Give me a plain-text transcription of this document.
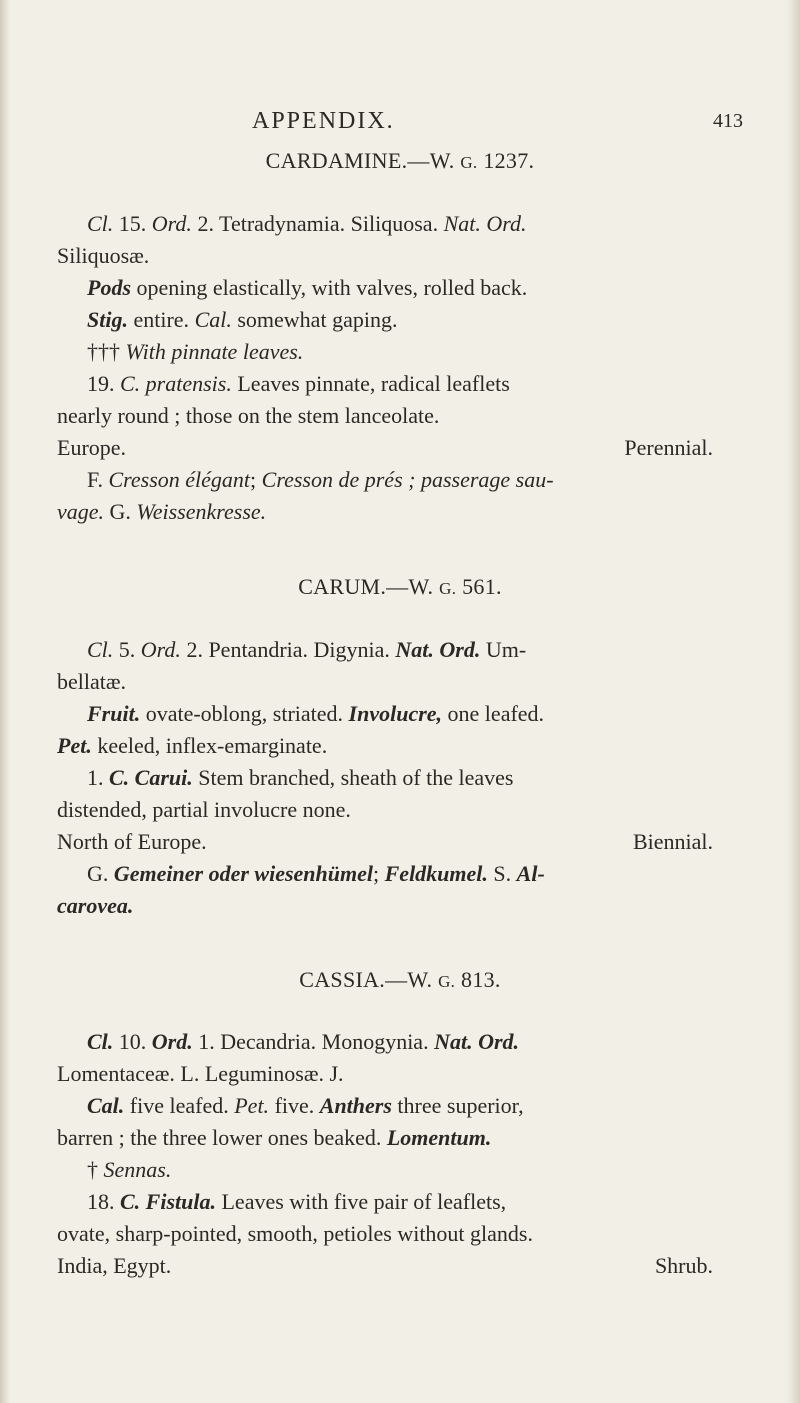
APPENDIX.	413
CARDAMINE.—W. G. 1237.
Cl. 15. Ord. 2. Tetradynamia. Siliquosa. Nat. Ord.
Siliquosæ.
Pods opening elastically, with valves, rolled back.
Stig. entire. Cal. somewhat gaping.
††† With pinnate leaves.
19. C. pratensis. Leaves pinnate, radical leaflets
nearly round ; those on the stem lanceolate.
Europe.	Perennial.
F. Cresson élégant; Cresson de prés ; passerage sau-
vage. G. Weissenkresse.
CARUM.—W. G. 561.
Cl. 5. Ord. 2. Pentandria. Digynia. Nat. Ord. Um-
bellatæ.
Fruit. ovate-oblong, striated. Involucre, one leafed.
Pet. keeled, inflex-emarginate.
1. C. Carui. Stem branched, sheath of the leaves
distended, partial involucre none.
North of Europe.	Biennial.
G. Gemeiner oder wiesenhümel; Feldkumel. S. Al-
carovea.
CASSIA.—W. G. 813.
Cl. 10. Ord. 1. Decandria. Monogynia. Nat. Ord.
Lomentaceæ. L. Leguminosæ. J.
Cal. five leafed. Pet. five. Anthers three superior,
barren ; the three lower ones beaked. Lomentum.
† Sennas.
18. C. Fistula. Leaves with five pair of leaflets,
ovate, sharp-pointed, smooth, petioles without glands.
India, Egypt.	Shrub.
